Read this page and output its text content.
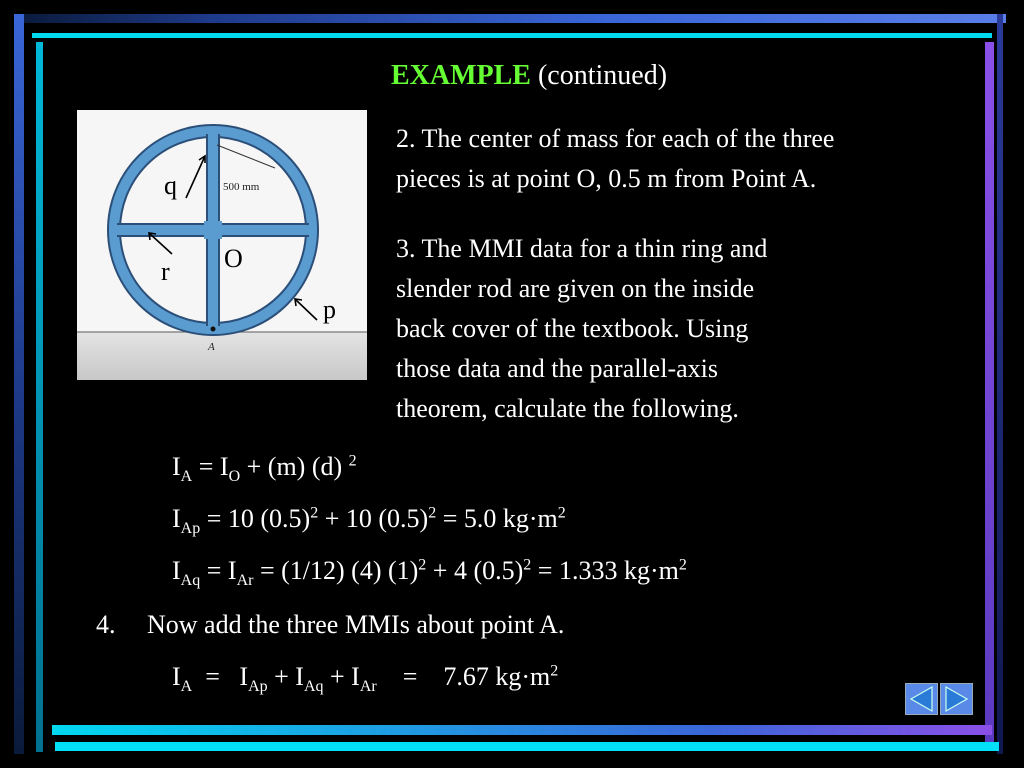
EXAMPLE (continued)
500 mm
A
q
r O
p
2. The center of mass for each of the three
pieces is at point O, 0.5 m from Point A.
3. The MMI data for a thin ring and
slender rod are given on the inside
back cover of the textbook. Using
those data and the parallel-axis
theorem, calculate the following.
$I_A = I_O + (m)$ (d) $^2$
$I_{Ap} = 10$ $(0.5)^2 + 10$ $(0.5)^2 = 5.0$ $kg\cdot m^2$
$I_{Aq} = I_{Ar} = (1/12)$ (4) $(1)^2 + 4$ $(0.5)^2 = 1.333$ $kg\cdot m^2$
4. Now add the three MMIs about point A.
$I_A = I_{Ap} + I_{Aq} + I_{Ar}$    =    7.67 $kg\cdot m^2$
